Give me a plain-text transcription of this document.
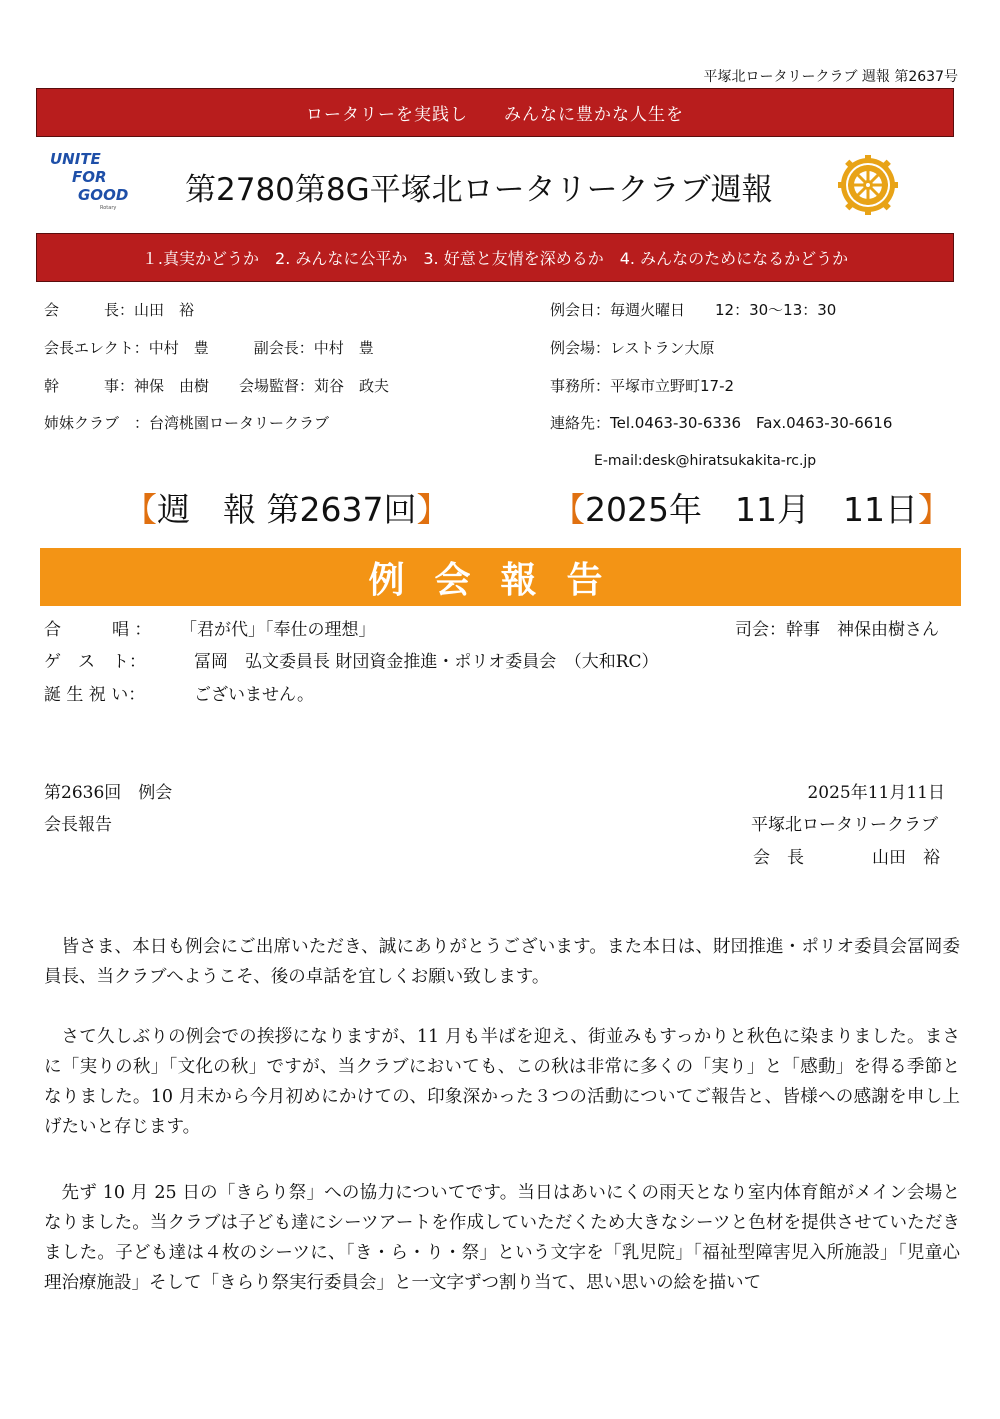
平塚北ロータリークラブ 週報 第2637号
ロータリーを実践し　　みんなに豊かな人生を
UNITE
FOR
GOOD
Rotary	第2780第8G平塚北ロータリークラブ週報
１.真実かどうか　2. みんなに公平か　3. 好意と友情を深めるか　4. みんなのためになるかどうか
会　　　長：山田　裕
会長エレクト：中村　豊　　　副会長：中村　豊
幹　　　事：神保　由樹　　会場監督：苅谷　政夫
姉妹クラブ　：台湾桃園ロータリークラブ
例会日：毎週火曜日　　12：30～13：30
例会場：レストラン大原
事務所：平塚市立野町17-2
連絡先：Tel.0463-30-6336　Fax.0463-30-6616
E-mail:desk@hiratsukakita-rc.jp
【週　報 第2637回】	【2025年　11月　11日】
例会報告
合　　　唱 ： 「君が代」「奉仕の理想」	司会：幹事　神保由樹さん
ゲ　ス　ト：	冨岡　弘文委員長 財団資金推進・ポリオ委員会　（大和RC）
誕 生 祝 い：	ございません。
第2636回　例会	2025年11月11日
会長報告	平塚北ロータリークラブ
会　長　　　　山田　裕

皆さま、本日も例会にご出席いただき、誠にありがとうございます。また本日は、財団推進・ポリオ委員会冨岡委員長、当クラブへようこそ、後の卓話を宜しくお願い致します。

さて久しぶりの例会での挨拶になりますが、11 月も半ばを迎え、街並みもすっかりと秋色に染まりました。まさに「実りの秋」「文化の秋」ですが、当クラブにおいても、この秋は非常に多くの「実り」と「感動」を得る季節となりました。10 月末から今月初めにかけての、印象深かった３つの活動についてご報告と、皆様への感謝を申し上げたいと存じます。

先ず 10 月 25 日の「きらり祭」への協力についてです。当日はあいにくの雨天となり室内体育館がメイン会場となりました。当クラブは子ども達にシーツアートを作成していただくため大きなシーツと色材を提供させていただきました。子ども達は４枚のシーツに、「き・ら・り・祭」という文字を「乳児院」「福祉型障害児入所施設」「児童心理治療施設」そして「きらり祭実行委員会」と一文字ずつ割り当て、思い思いの絵を描いて
